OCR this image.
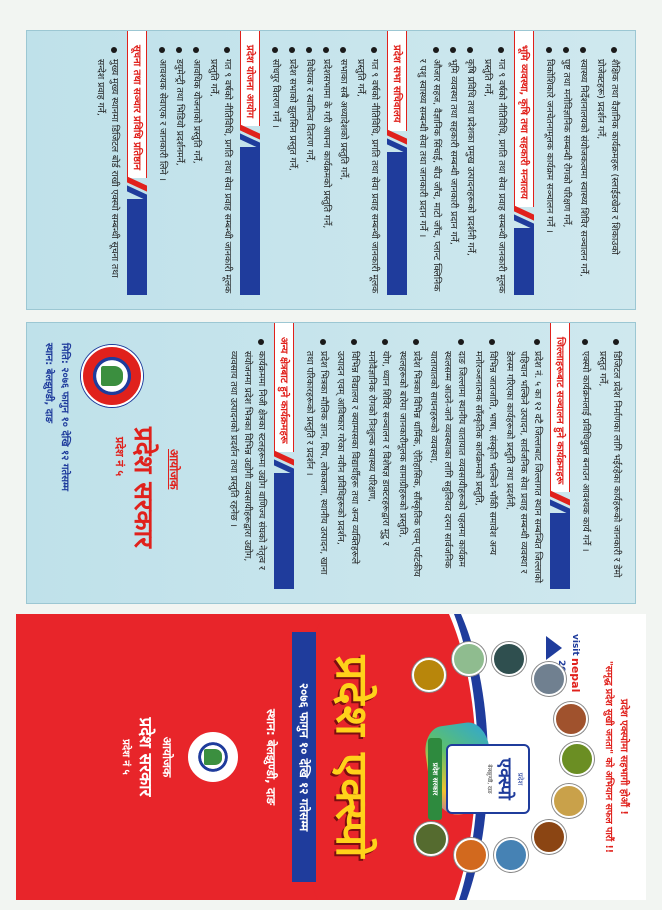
शैक्षिक तथा वैज्ञानिक कार्यक्रमहरू (स्लाईडखेल र शिकाउको प्रोजेक्टहरू) प्रदर्शन गर्ने,
स्वास्थ्य निर्देशनालयको संयोजकत्वमा स्वास्थ्य शिविर सञ्चालन गर्ने,
पुष्ट तथा मनोविज्ञानिक सम्बन्धी रोगको परिक्षण गर्ने,
विकोशिकारे जनचेतनामूलक कार्यक्रम सञ्चालन गर्ने ।
भूमि व्यवस्था, कृषि तथा सहकारी मन्त्रालय
गत ९ वर्षको नीतिविधि, प्रगति तथा सेवा प्रवाह सम्बन्धी जानकारी मूलक प्रस्तुति गर्ने,
कृषि प्रविधि तथा प्रदेशका प्रमुख उत्पादनहरूको प्रदर्शनी गर्ने,
भूमि व्यवस्था तथा सहकारी सम्बन्धी जानकारी प्रदान गर्ने,
औजार सहज, वैज्ञानिक सिंचाई, बीउ जाँच, माटो जाँच, प्लान्ट क्लिनिक र पशु स्वास्थ्य सम्बन्धी सेवा तथा जानकारी प्रदान गर्ने ।
प्रदेश सभा सचिवालय
गत ९ वर्षको नीतिविधि, प्रगति तथा सेवा प्रवाह सम्बन्धी जानकारी मूलक प्रस्तुति गर्ने,
सभाका सबै अध्यादेशको प्रस्तुति गर्ने,
प्रदेशसभामा के गरी आफ्ना कार्यक्रमको प्रस्तुति गर्ने,
विधेयक र स्वामित्व वितरण गर्ने,
प्रदेश सभाको झुलसिन प्रस्तुत गर्ने,
सोधपुर वितरण गर्ने ।
प्रदेश योजना आयोग
गत ९ वर्षको नीतिविधि, प्रगति तथा सेवा प्रवाह सम्बन्धी जानकारी मूलक प्रस्तुति गर्ने,
आवधिक योजनाको प्रस्तुति गर्ने,
डयुमेन्ट्री तथा भिडियो प्रदर्शनमर्ने,
आवश्यक सेवाएक र जानकारी लिने ।
सूचना तथा सञ्चार प्रविधि प्रतिष्ठान
मुख्य मुख्य स्थानमा डिजिटल बोर्ड राखी एक्स्पो सम्बन्धी सूचना तथा सन्देश प्रवाह गर्ने,
डिजिटल प्रदेश निर्माणका लागि भईरहेका कार्यहरूको जानकारी र डेमो प्रस्तुत गर्ने,
एक्स्पो कार्यक्रमलाई प्रविधियुक्त बनाउन आवश्यक कार्य गर्ने ।
जिल्लाहरूबाट सञ्चालन हुने कार्यक्रमहरू
प्रदेश नं. ५ का १२ वटै जिल्लाबाट जिल्लागत स्थान सम्बन्धित जिल्लाको पहिचान भल्किने उत्पादन, सार्वजनिक सेवा प्रवाह सम्बन्धी व्यवस्था र डेलस्म गरिएका कार्यहरूको प्रस्तुति तथा प्रदर्शनी,
विभिन्न जातजाति, भाषा, संस्कृति भल्किने भाँकी समावेश अन्य मनोरञ्जनात्मक साँस्कृतिक कार्यक्रमको प्रस्तुति,
दाङ जिल्लामा स्थानीय यातायात व्यवसायीहरूको पहलमा कार्यक्रम स्थलसम्म आउने-जाने व्यवस्थाका लागि सहुलियत दरमा सार्वजनिक यातायातको साधनहरूको व्यवस्था,
प्रदेश भित्रका विभिन्न धार्मिक, ऐतिहासिक, साँस्कृतिक एवम् पर्यटकीय स्थलहरूको बारेमा जानकारीमूलक सामाग्रीहरूको प्रस्तुति,
योग, ध्यान शिविर सञ्चालन र विशेषज्ञ डाक्टरहरूद्वारा मुटु र मनोवैज्ञानिक रोगको निःशुल्क स्वास्थ्य परिक्षण,
विभिन्न विद्यालय र क्याम्पसका विद्यार्थीहरू तथा अन्य व्यक्तिहरूले उत्पादन एवम् आविष्कार गरेका नवीन प्रविधिहरूको प्रदर्शन,
प्रदेश भित्रका मौलिक ज्ञान, सिप, लोककला, स्थानीय उत्पादन, खाना तथा परिकारहरूको प्रस्तुति र प्रदर्शन ।
अन्य क्षेत्रबाट हुने कार्यक्रमहरू
कार्यक्रममा निजी क्षेत्रका स्टलहरूमा उद्योग वाणिज्य संघको नेतृत्व र संयोजनमा प्रदेश भित्रका विभिन्न उद्योगी व्यवसायीहरूद्वारा उद्योग, व्यवसाय तथा उत्पादनको प्रदर्शन तथा प्रस्तुति रहनेछ ।
आयोजक
प्रदेश सरकार
प्रदेश नं ५
मिति: २०७६ फागुन १० देखि १२ गतेसम्म
स्थान: बेलझुण्डी, दाङ
प्रदेश एक्स्पोमा सहभागी होऔं !
"समृद्ध प्रदेश सुखी जनता" को अभियान सफल पारौं !!
visit
nepal
प्रदेश
एक्स्पो
बेलझुण्डी, दाङ
प्रदेश सरकार
प्रदेश एक्स्पो
२०७६ फागुन १० देखि १२ गतेसम्म
स्थान: बेलझुण्डी, दाङ
आयोजक
प्रदेश सरकार
प्रदेश नं ५
